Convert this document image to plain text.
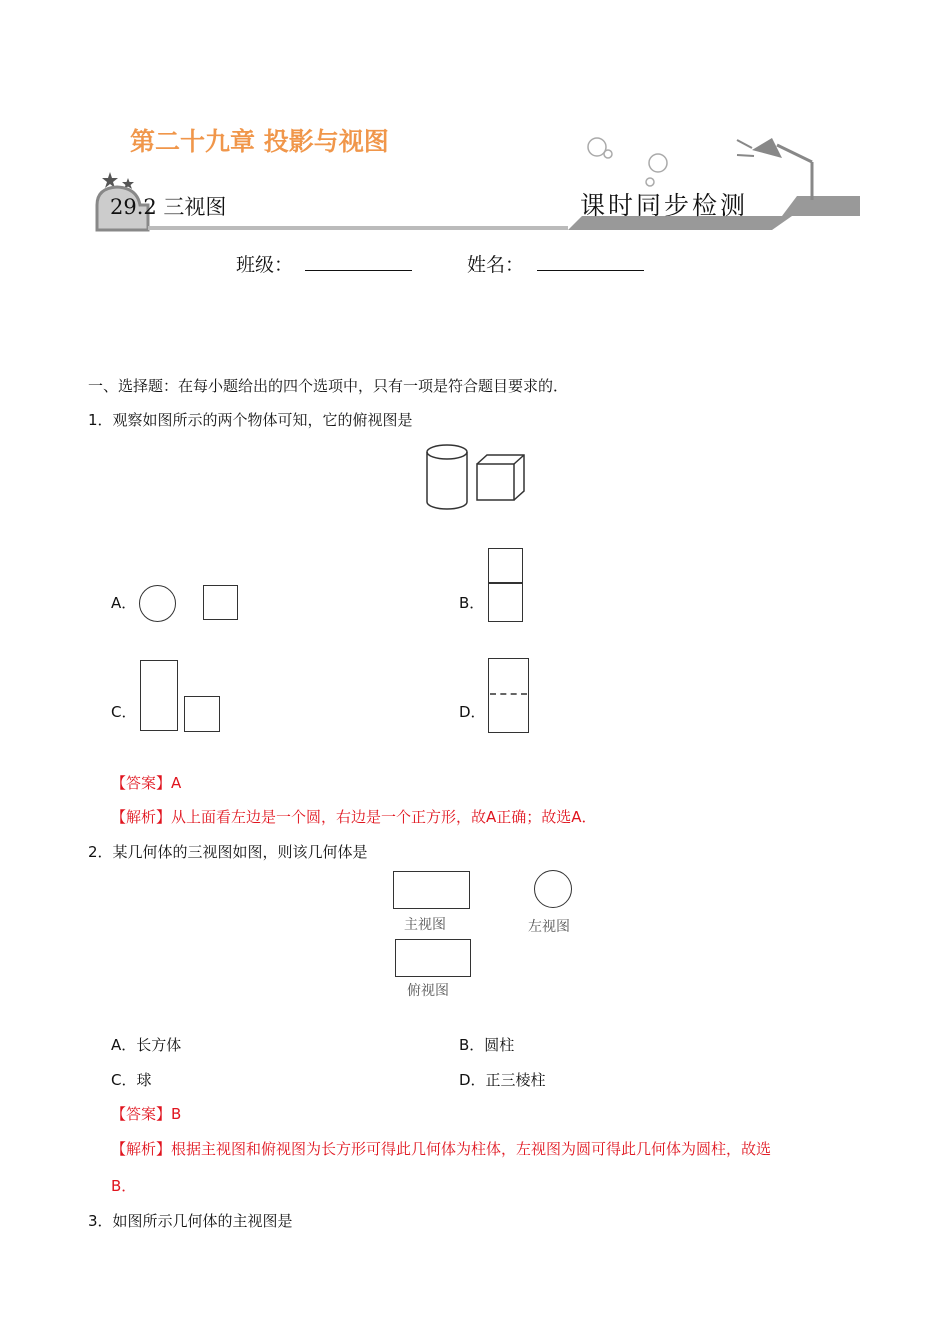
第二十九章 投影与视图
29.2 三视图	课时同步检测
班级：	姓名：
一、选择题：在每小题给出的四个选项中，只有一项是符合题目要求的．
1．观察如图所示的两个物体可知，它的俯视图是
A．	B．
C．	D．
【答案】A
【解析】从上面看左边是一个圆，右边是一个正方形，故A正确；故选A．
2．某几何体的三视图如图，则该几何体是
主视图	左视图
俯视图
A．长方体	B．圆柱
C．球	D．正三棱柱
【答案】B
【解析】根据主视图和俯视图为长方形可得此几何体为柱体，左视图为圆可得此几何体为圆柱，故选
B．
3．如图所示几何体的主视图是
